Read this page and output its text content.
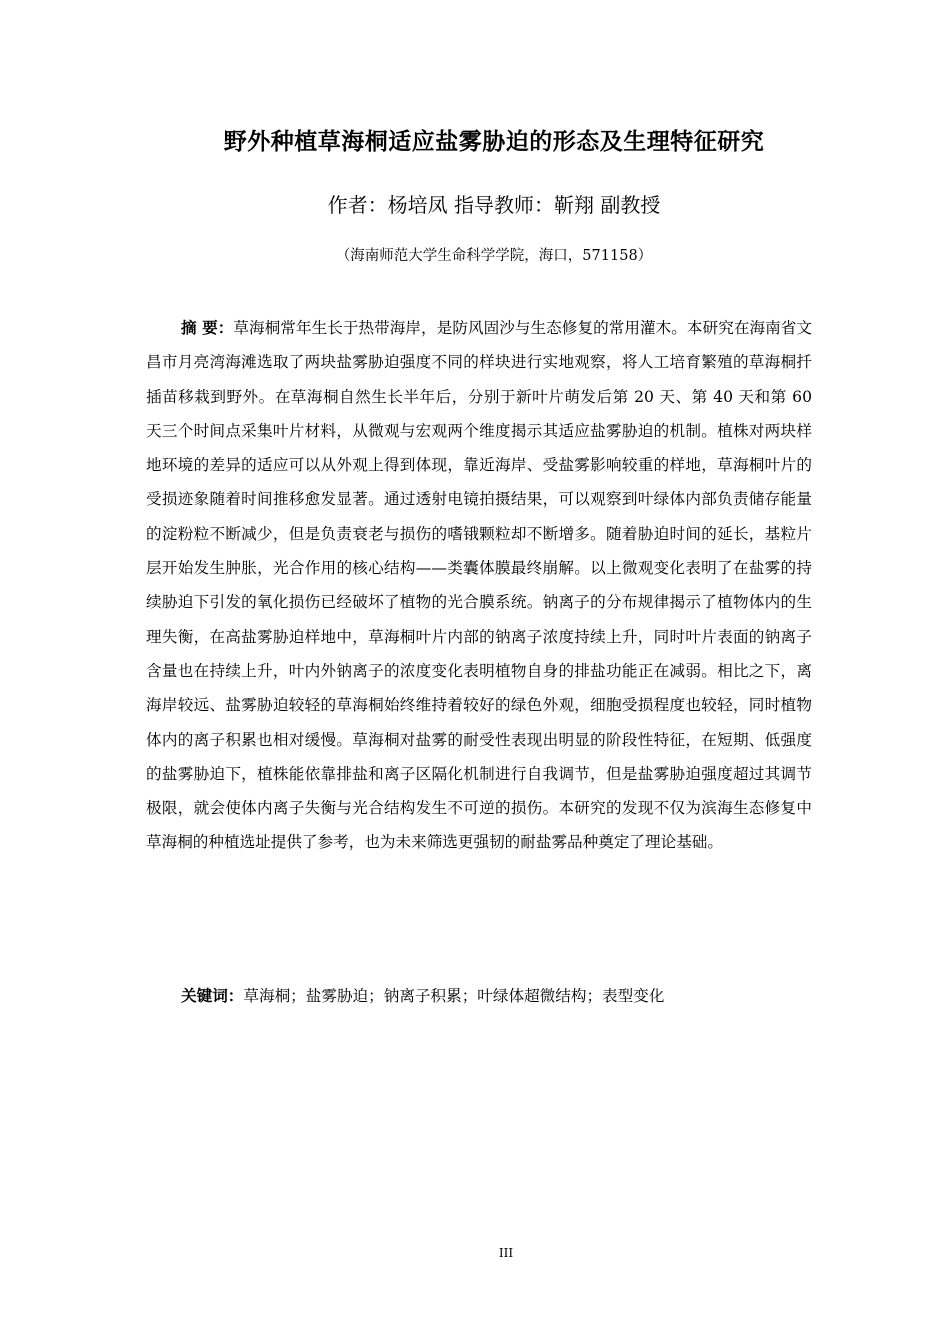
野外种植草海桐适应盐雾胁迫的形态及生理特征研究
作者：杨培凤 指导教师：靳翔 副教授
（海南师范大学生命科学学院，海口，571158）

摘 要：草海桐常年生长于热带海岸，是防风固沙与生态修复的常用灌木。本研究在海南省文昌市月亮湾海滩选取了两块盐雾胁迫强度不同的样块进行实地观察，将人工培育繁殖的草海桐扦插苗移栽到野外。在草海桐自然生长半年后，分别于新叶片萌发后第 20 天、第 40 天和第 60 天三个时间点采集叶片材料，从微观与宏观两个维度揭示其适应盐雾胁迫的机制。植株对两块样地环境的差异的适应可以从外观上得到体现，靠近海岸、受盐雾影响较重的样地，草海桐叶片的受损迹象随着时间推移愈发显著。通过透射电镜拍摄结果，可以观察到叶绿体内部负责储存能量的淀粉粒不断减少，但是负责衰老与损伤的嗜锇颗粒却不断增多。随着胁迫时间的延长，基粒片层开始发生肿胀，光合作用的核心结构——类囊体膜最终崩解。以上微观变化表明了在盐雾的持续胁迫下引发的氧化损伤已经破坏了植物的光合膜系统。钠离子的分布规律揭示了植物体内的生理失衡，在高盐雾胁迫样地中，草海桐叶片内部的钠离子浓度持续上升，同时叶片表面的钠离子含量也在持续上升，叶内外钠离子的浓度变化表明植物自身的排盐功能正在减弱。相比之下，离海岸较远、盐雾胁迫较轻的草海桐始终维持着较好的绿色外观，细胞受损程度也较轻，同时植物体内的离子积累也相对缓慢。草海桐对盐雾的耐受性表现出明显的阶段性特征，在短期、低强度的盐雾胁迫下，植株能依靠排盐和离子区隔化机制进行自我调节，但是盐雾胁迫强度超过其调节极限，就会使体内离子失衡与光合结构发生不可逆的损伤。本研究的发现不仅为滨海生态修复中草海桐的种植选址提供了参考，也为未来筛选更强韧的耐盐雾品种奠定了理论基础。

关键词：草海桐；盐雾胁迫；钠离子积累；叶绿体超微结构；表型变化

III
